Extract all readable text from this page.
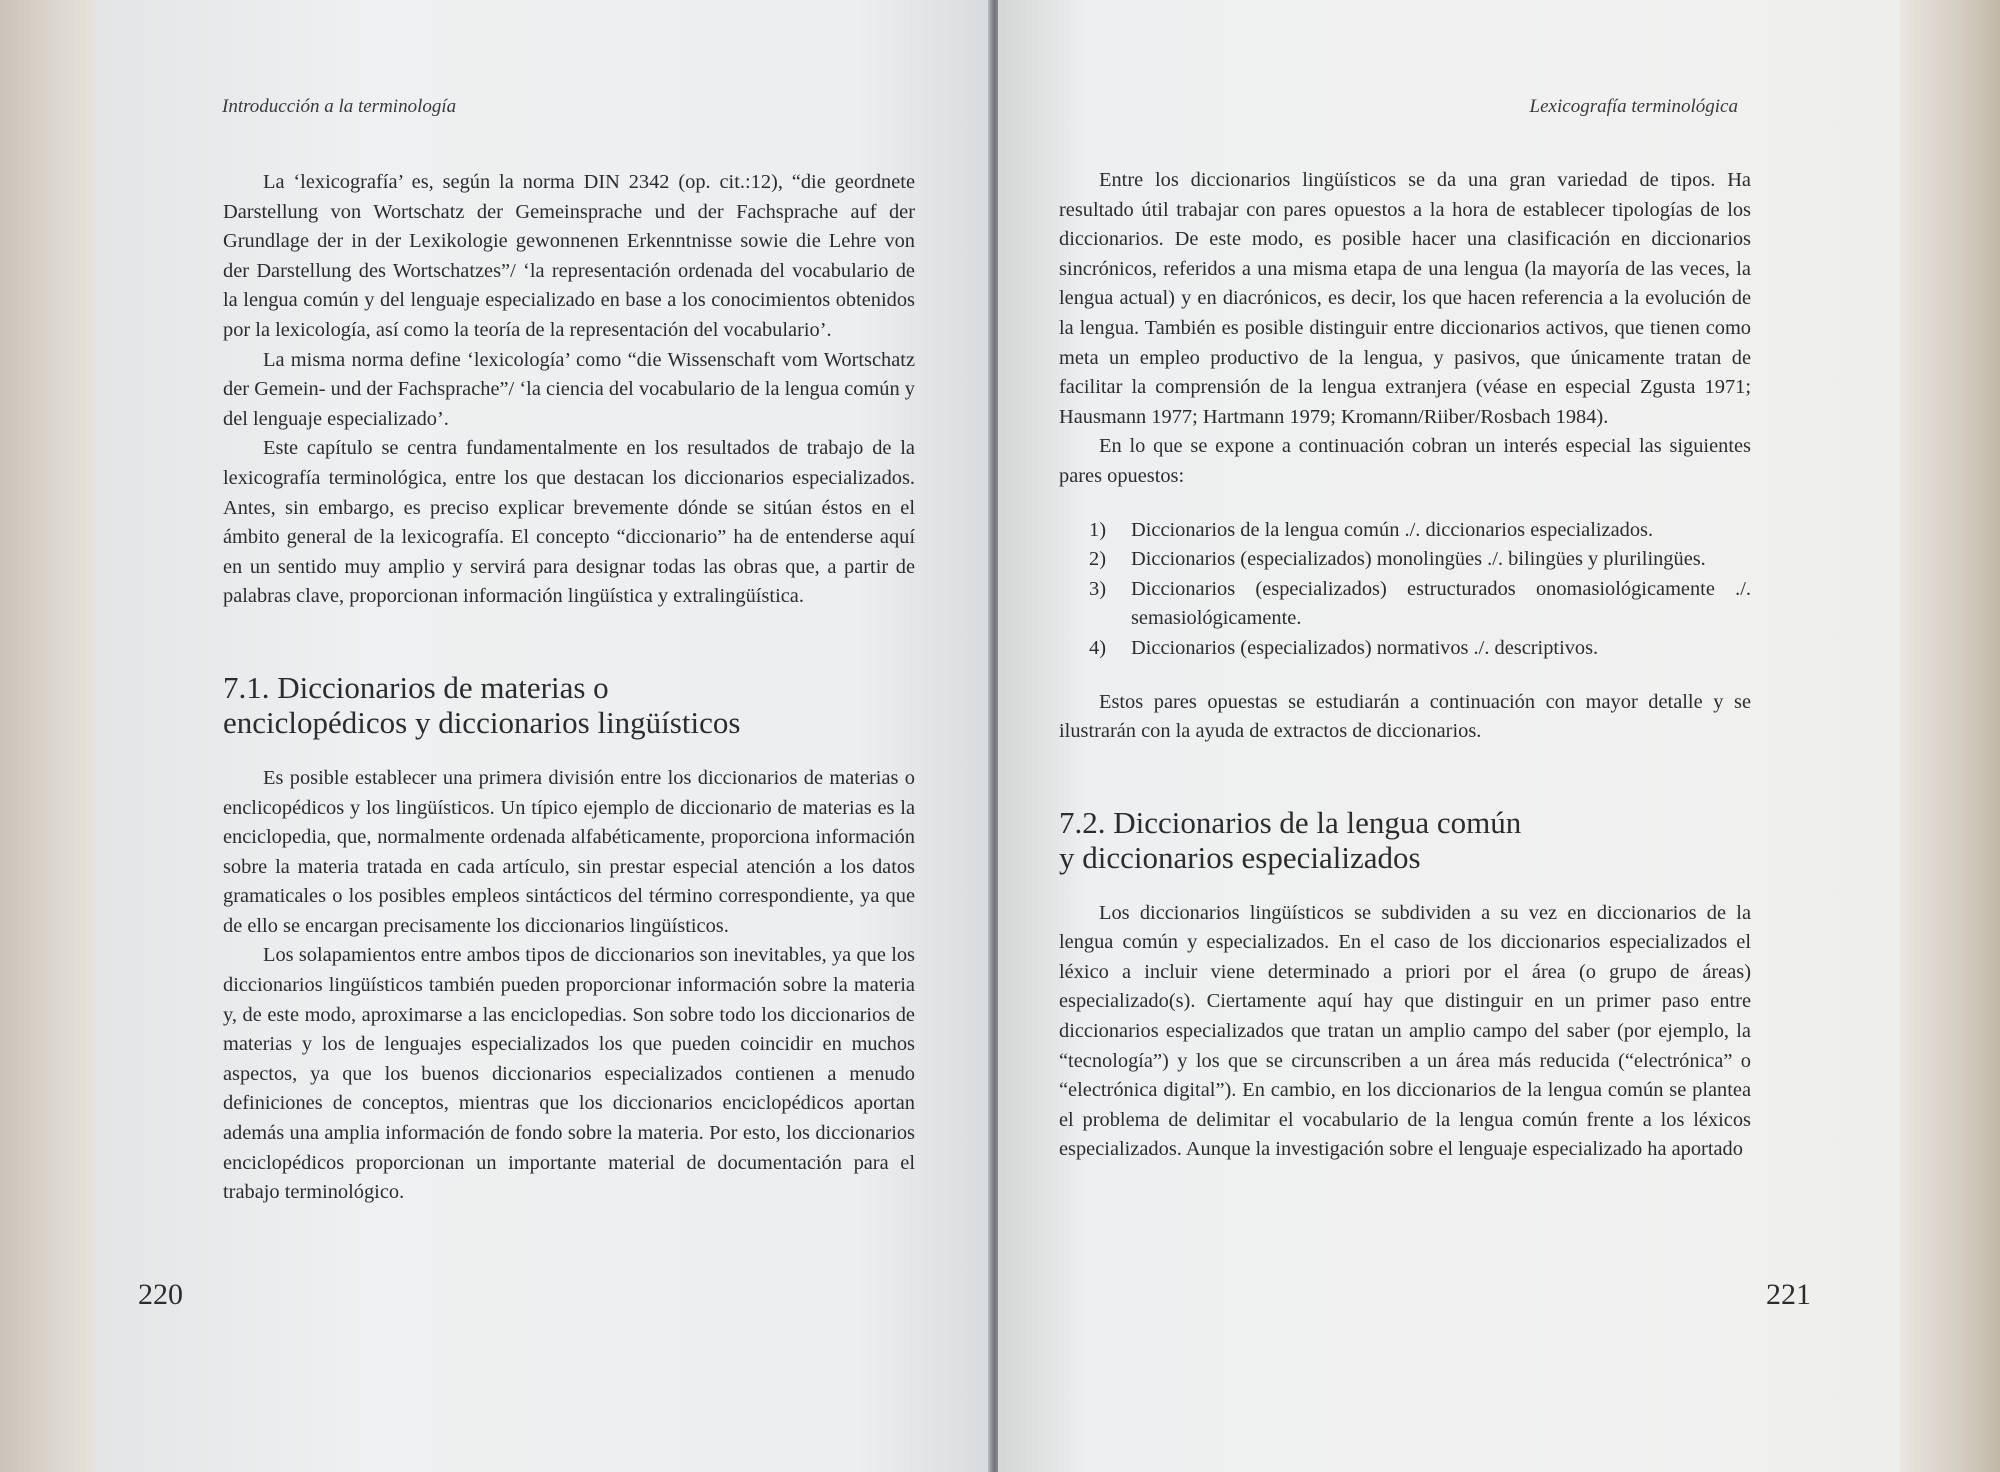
Introducción a la terminología

La ‘lexicografía’ es, según la norma DIN 2342 (op. cit.:12), “die geordnete Darstellung von Wortschatz der Gemeinsprache und der Fachsprache auf der Grundlage der in der Lexikologie gewonnenen Erkenntnisse sowie die Lehre von der Darstellung des Wortschatzes”/ ‘la representación ordenada del vocabulario de la lengua común y del lenguaje especializado en base a los conocimientos obtenidos por la lexicología, así como la teoría de la representación del vocabulario’.

La misma norma define ‘lexicología’ como “die Wissenschaft vom Wortschatz der Gemein- und der Fachsprache”/ ‘la ciencia del vocabulario de la lengua común y del lenguaje especializado’.

Este capítulo se centra fundamentalmente en los resultados de trabajo de la lexicografía terminológica, entre los que destacan los diccionarios especializados. Antes, sin embargo, es preciso explicar brevemente dónde se sitúan éstos en el ámbito general de la lexicografía. El concepto “diccionario” ha de entenderse aquí en un sentido muy amplio y servirá para designar todas las obras que, a partir de palabras clave, proporcionan información lingüística y extralingüística.

7.1. Diccionarios de materias o
enciclopédicos y diccionarios lingüísticos

Es posible establecer una primera división entre los diccionarios de materias o enclicopédicos y los lingüísticos. Un típico ejemplo de diccionario de materias es la enciclopedia, que, normalmente ordenada alfabéticamente, proporciona información sobre la materia tratada en cada artículo, sin prestar especial atención a los datos gramaticales o los posibles empleos sintácticos del término correspondiente, ya que de ello se encargan precisamente los diccionarios lingüísticos.

Los solapamientos entre ambos tipos de diccionarios son inevitables, ya que los diccionarios lingüísticos también pueden proporcionar información sobre la materia y, de este modo, aproximarse a las enciclopedias. Son sobre todo los diccionarios de materias y los de lenguajes especializados los que pueden coincidir en muchos aspectos, ya que los buenos diccionarios especializados contienen a menudo definiciones de conceptos, mientras que los diccionarios enciclopédicos aportan además una amplia información de fondo sobre la materia. Por esto, los diccionarios enciclopédicos proporcionan un importante material de documentación para el trabajo terminológico.

220
Lexicografía terminológica

Entre los diccionarios lingüísticos se da una gran variedad de tipos. Ha resultado útil trabajar con pares opuestos a la hora de establecer tipologías de los diccionarios. De este modo, es posible hacer una clasificación en diccionarios sincrónicos, referidos a una misma etapa de una lengua (la mayoría de las veces, la lengua actual) y en diacrónicos, es decir, los que hacen referencia a la evolución de la lengua. También es posible distinguir entre diccionarios activos, que tienen como meta un empleo productivo de la lengua, y pasivos, que únicamente tratan de facilitar la comprensión de la lengua extranjera (véase en especial Zgusta 1971; Hausmann 1977; Hartmann 1979; Kromann/Riiber/Rosbach 1984).

En lo que se expone a continuación cobran un interés especial las siguientes pares opuestos:

1) Diccionarios de la lengua común ./. diccionarios especializados.
2) Diccionarios (especializados) monolingües ./. bilingües y plurilingües.
3) Diccionarios (especializados) estructurados onomasiológicamente ./. semasiológicamente.
4) Diccionarios (especializados) normativos ./. descriptivos.

Estos pares opuestas se estudiarán a continuación con mayor detalle y se ilustrarán con la ayuda de extractos de diccionarios.

7.2. Diccionarios de la lengua común
y diccionarios especializados

Los diccionarios lingüísticos se subdividen a su vez en diccionarios de la lengua común y especializados. En el caso de los diccionarios especializados el léxico a incluir viene determinado a priori por el área (o grupo de áreas) especializado(s). Ciertamente aquí hay que distinguir en un primer paso entre diccionarios especializados que tratan un amplio campo del saber (por ejemplo, la “tecnología”) y los que se circunscriben a un área más reducida (“electrónica” o “electrónica digital”). En cambio, en los diccionarios de la lengua común se plantea el problema de delimitar el vocabulario de la lengua común frente a los léxicos especializados. Aunque la investigación sobre el lenguaje especializado ha aportado

221
